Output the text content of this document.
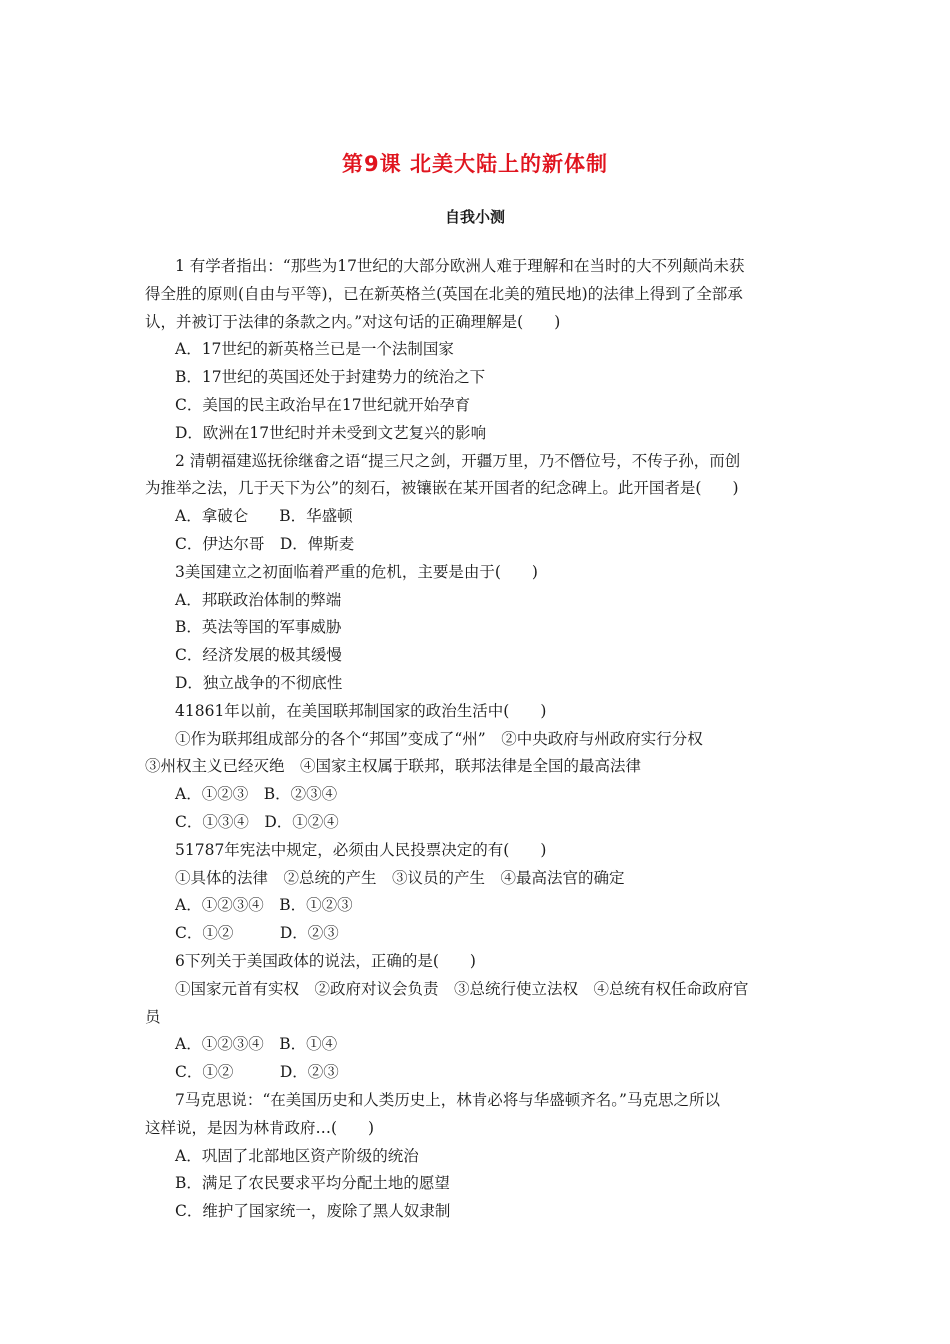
第9课 北美大陆上的新体制
自我小测

1 有学者指出：“那些为17世纪的大部分欧洲人难于理解和在当时的大不列颠尚未获

得全胜的原则(自由与平等)，已在新英格兰(英国在北美的殖民地)的法律上得到了全部承

认，并被订于法律的条款之内。”对这句话的正确理解是(　　)

A．17世纪的新英格兰已是一个法制国家

B．17世纪的英国还处于封建势力的统治之下

C．美国的民主政治早在17世纪就开始孕育

D．欧洲在17世纪时并未受到文艺复兴的影响

2 清朝福建巡抚徐继畲之语“提三尺之剑，开疆万里，乃不僭位号，不传子孙，而创

为推举之法，几于天下为公”的刻石，被镶嵌在某开国者的纪念碑上。此开国者是(　　)

A．拿破仑　　B．华盛顿

C．伊达尔哥　D．俾斯麦

3美国建立之初面临着严重的危机，主要是由于(　　)

A．邦联政治体制的弊端

B．英法等国的军事威胁

C．经济发展的极其缓慢

D．独立战争的不彻底性

41861年以前，在美国联邦制国家的政治生活中(　　)

①作为联邦组成部分的各个“邦国”变成了“州”　②中央政府与州政府实行分权

③州权主义已经灭绝　④国家主权属于联邦，联邦法律是全国的最高法律

A．①②③　B．②③④

C．①③④　D．①②④

51787年宪法中规定，必须由人民投票决定的有(　　)

①具体的法律　②总统的产生　③议员的产生　④最高法官的确定

A．①②③④　B．①②③

C．①②　　　D．②③

6下列关于美国政体的说法，正确的是(　　)

①国家元首有实权　②政府对议会负责　③总统行使立法权　④总统有权任命政府官

员

A．①②③④　B．①④

C．①②　　　D．②③

7马克思说：“在美国历史和人类历史上，林肯必将与华盛顿齐名。”马克思之所以

这样说，是因为林肯政府…(　　)

A．巩固了北部地区资产阶级的统治

B．满足了农民要求平均分配土地的愿望

C．维护了国家统一，废除了黑人奴隶制
